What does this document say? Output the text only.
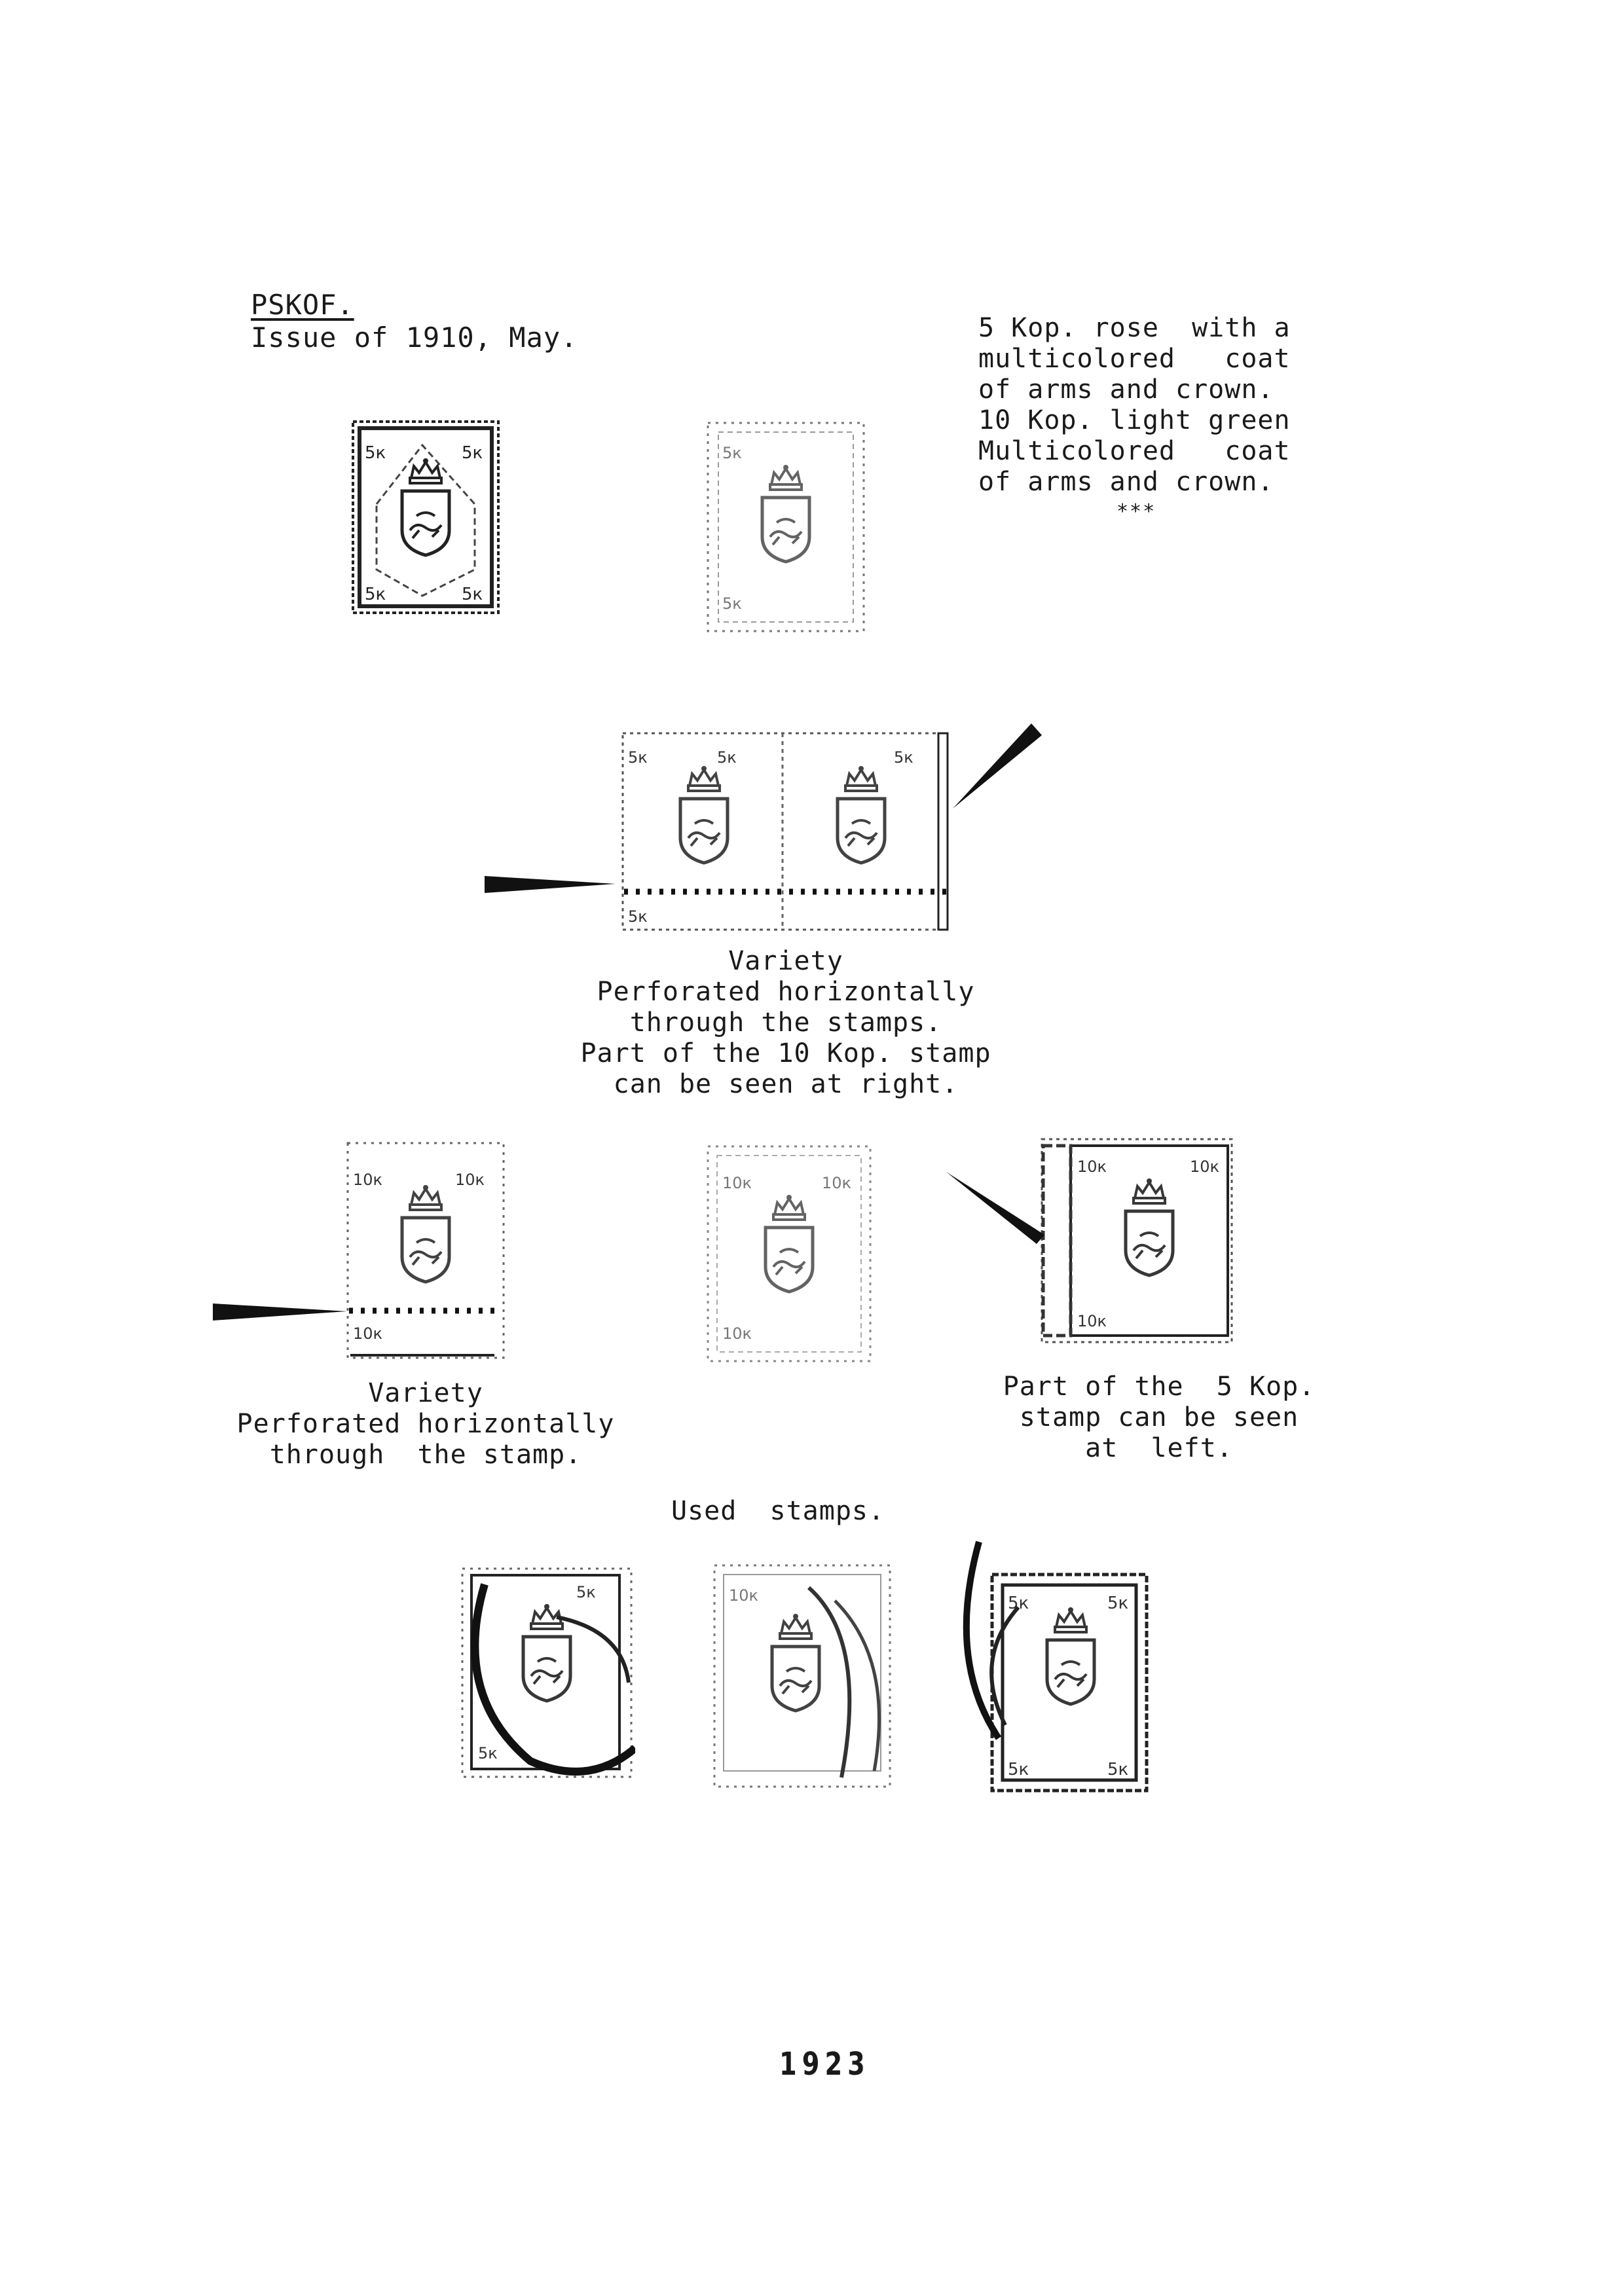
PSKOF.
Issue of 1910, May.	5 Kop. rose  with a
multicolored   coat
of arms and crown.
10 Kop. light green
Multicolored   coat
of arms and crown.
***
5к	5к
5к	5к
5к
5к
5к	5к	5к
5к
Variety
Perforated horizontally
through the stamps.
Part of the 10 Kop. stamp
can be seen at right.
10к	10к
10к
10к	10к
10к
10к	10к
10к
Variety
Perforated horizontally
through  the stamp.
Part of the  5 Kop.
stamp can be seen
at  left.
Used  stamps.
5к
5к
10к	5к	5к
5к	5к
1923
